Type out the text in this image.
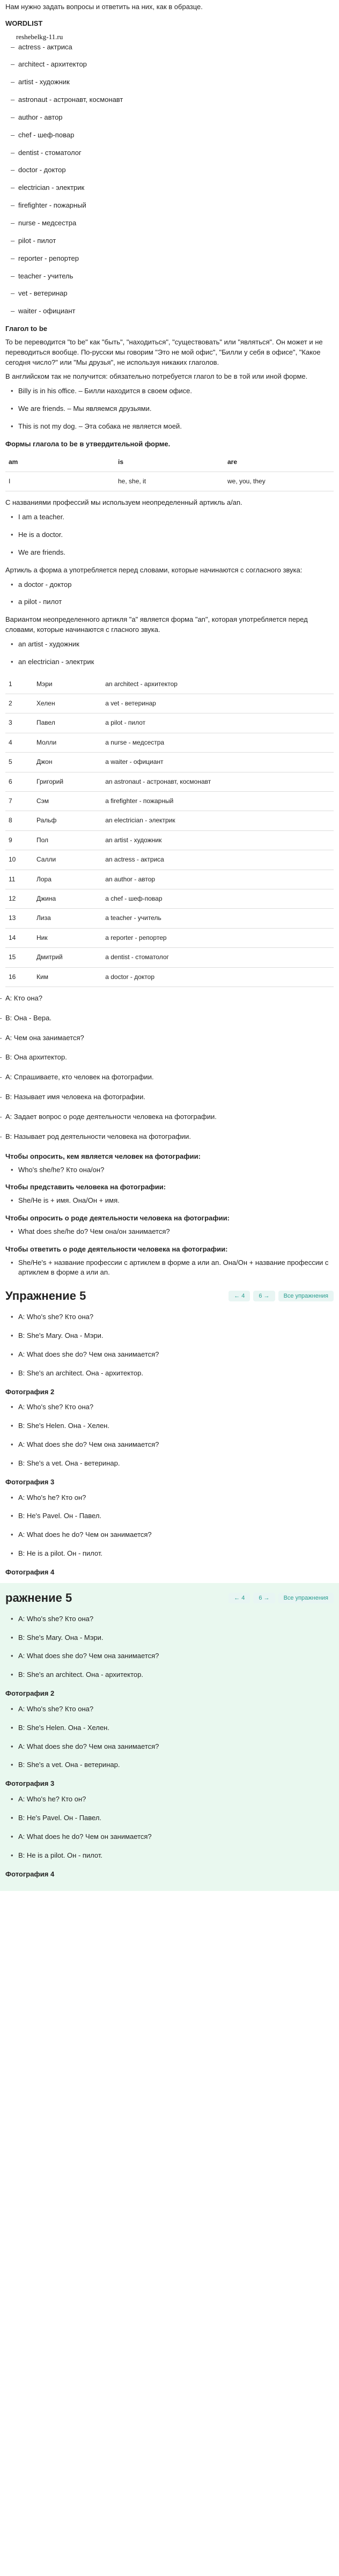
Нам нужно задать вопросы и ответить на них, как в образце.

WORDLIST
reshebelkg-11.ru
– actress - актриса
– architect - архитектор
– artist - художник
– astronaut - астронавт, космонавт
– author - автор
– chef - шеф-повар
– dentist - стоматолог
– doctor - доктор
– electrician - электрик
– firefighter - пожарный
– nurse - медсестра
– pilot - пилот
– reporter - репортер
– teacher - учитель
– vet - ветеринар
– waiter - официант
Глагол to be

To be переводится "to be" как "быть", "находиться", "существовать" или "являться". Он может и не переводиться вообще. По-русски мы говорим "Это не мой офис", "Билли у себя в офисе", "Какое сегодня число?" или "Мы друзья", не используя никаких глаголов.

В английском так не получится: обязательно потребуется глагол to be в той или иной форме.

• Billy is in his office. – Билли находится в своем офисе.
• We are friends. – Мы являемся друзьями.
• This is not my dog. – Эта собака не является моей.
Формы глагола to be в утвердительной форме.
am	is	are
I	he, she, it	we, you, they

С названиями профессий мы используем неопределенный артикль a/an.

• I am a teacher.
• He is a doctor.
• We are friends.

Артикль a форма a употребляется перед словами, которые начинаются с согласного звука:

• a doctor - доктор
• a pilot - пилот

Вариантом неопределенного артикля "a" является форма "an", которая употребляется перед словами, которые начинаются с гласного звука.

• an artist - художник
• an electrician - электрик
1	Мэри	an architect - архитектор
2	Хелен	a vet - ветеринар
3	Павел	a pilot - пилот
4	Молли	a nurse - медсестра
5	Джон	a waiter - официант
6	Григорий	an astronaut - астронавт, космонавт
7	Сэм	a firefighter - пожарный
8	Ральф	an electrician - электрик
9	Пол	an artist - художник
10	Салли	an actress - актриса
11	Лора	an author - автор
12	Джина	a chef - шеф-повар
13	Лиза	a teacher - учитель
14	Ник	a reporter - репортер
15	Дмитрий	a dentist - стоматолог
16	Ким	a doctor - доктор
– A: Кто она?
– B: Она - Вера.
– A: Чем она занимается?
– B: Она архитектор.
– A: Спрашиваете, кто человек на фотографии.
– B: Называет имя человека на фотографии.
– A: Задает вопрос о роде деятельности человека на фотографии.
– B: Называет род деятельности человека на фотографии.
Чтобы опросить, кем является человек на фотографии:
• Who's she/he? Кто она/он?
Чтобы представить человека на фотографии:
• She/He is + имя. Она/Он + имя.
Чтобы опросить о роде деятельности человека на фотографии:
• What does she/he do? Чем она/он занимается?
Чтобы ответить о роде деятельности человека на фотографии:
• She/He's + название профессии с артиклем в форме a или an. Она/Он + название профессии с артиклем в форме a или an.
Упражнение 5	← 4	6 →	Все упражнения
• A: Who's she? Кто она?
• B: She's Mary. Она - Мэри.
• A: What does she do? Чем она занимается?
• B: She's an architect. Она - архитектор.
Фотография 2
• A: Who's she? Кто она?
• B: She's Helen. Она - Хелен.
• A: What does she do? Чем она занимается?
• B: She's a vet. Она - ветеринар.
Фотография 3
• A: Who's he? Кто он?
• B: He's Pavel. Он - Павел.
• A: What does he do? Чем он занимается?
• B: He is a pilot. Он - пилот.
Фотография 4
ражнение 5	← 4	6 →	Все упражнения
• A: Who's she? Кто она?
• B: She's Mary. Она - Мэри.
• A: What does she do? Чем она занимается?
• B: She's an architect. Она - архитектор.
Фотография 2
• A: Who's she? Кто она?
• B: She's Helen. Она - Хелен.
• A: What does she do? Чем она занимается?
• B: She's a vet. Она - ветеринар.
Фотография 3
• A: Who's he? Кто он?
• B: He's Pavel. Он - Павел.
• A: What does he do? Чем он занимается?
• B: He is a pilot. Он - пилот.
Фотография 4
